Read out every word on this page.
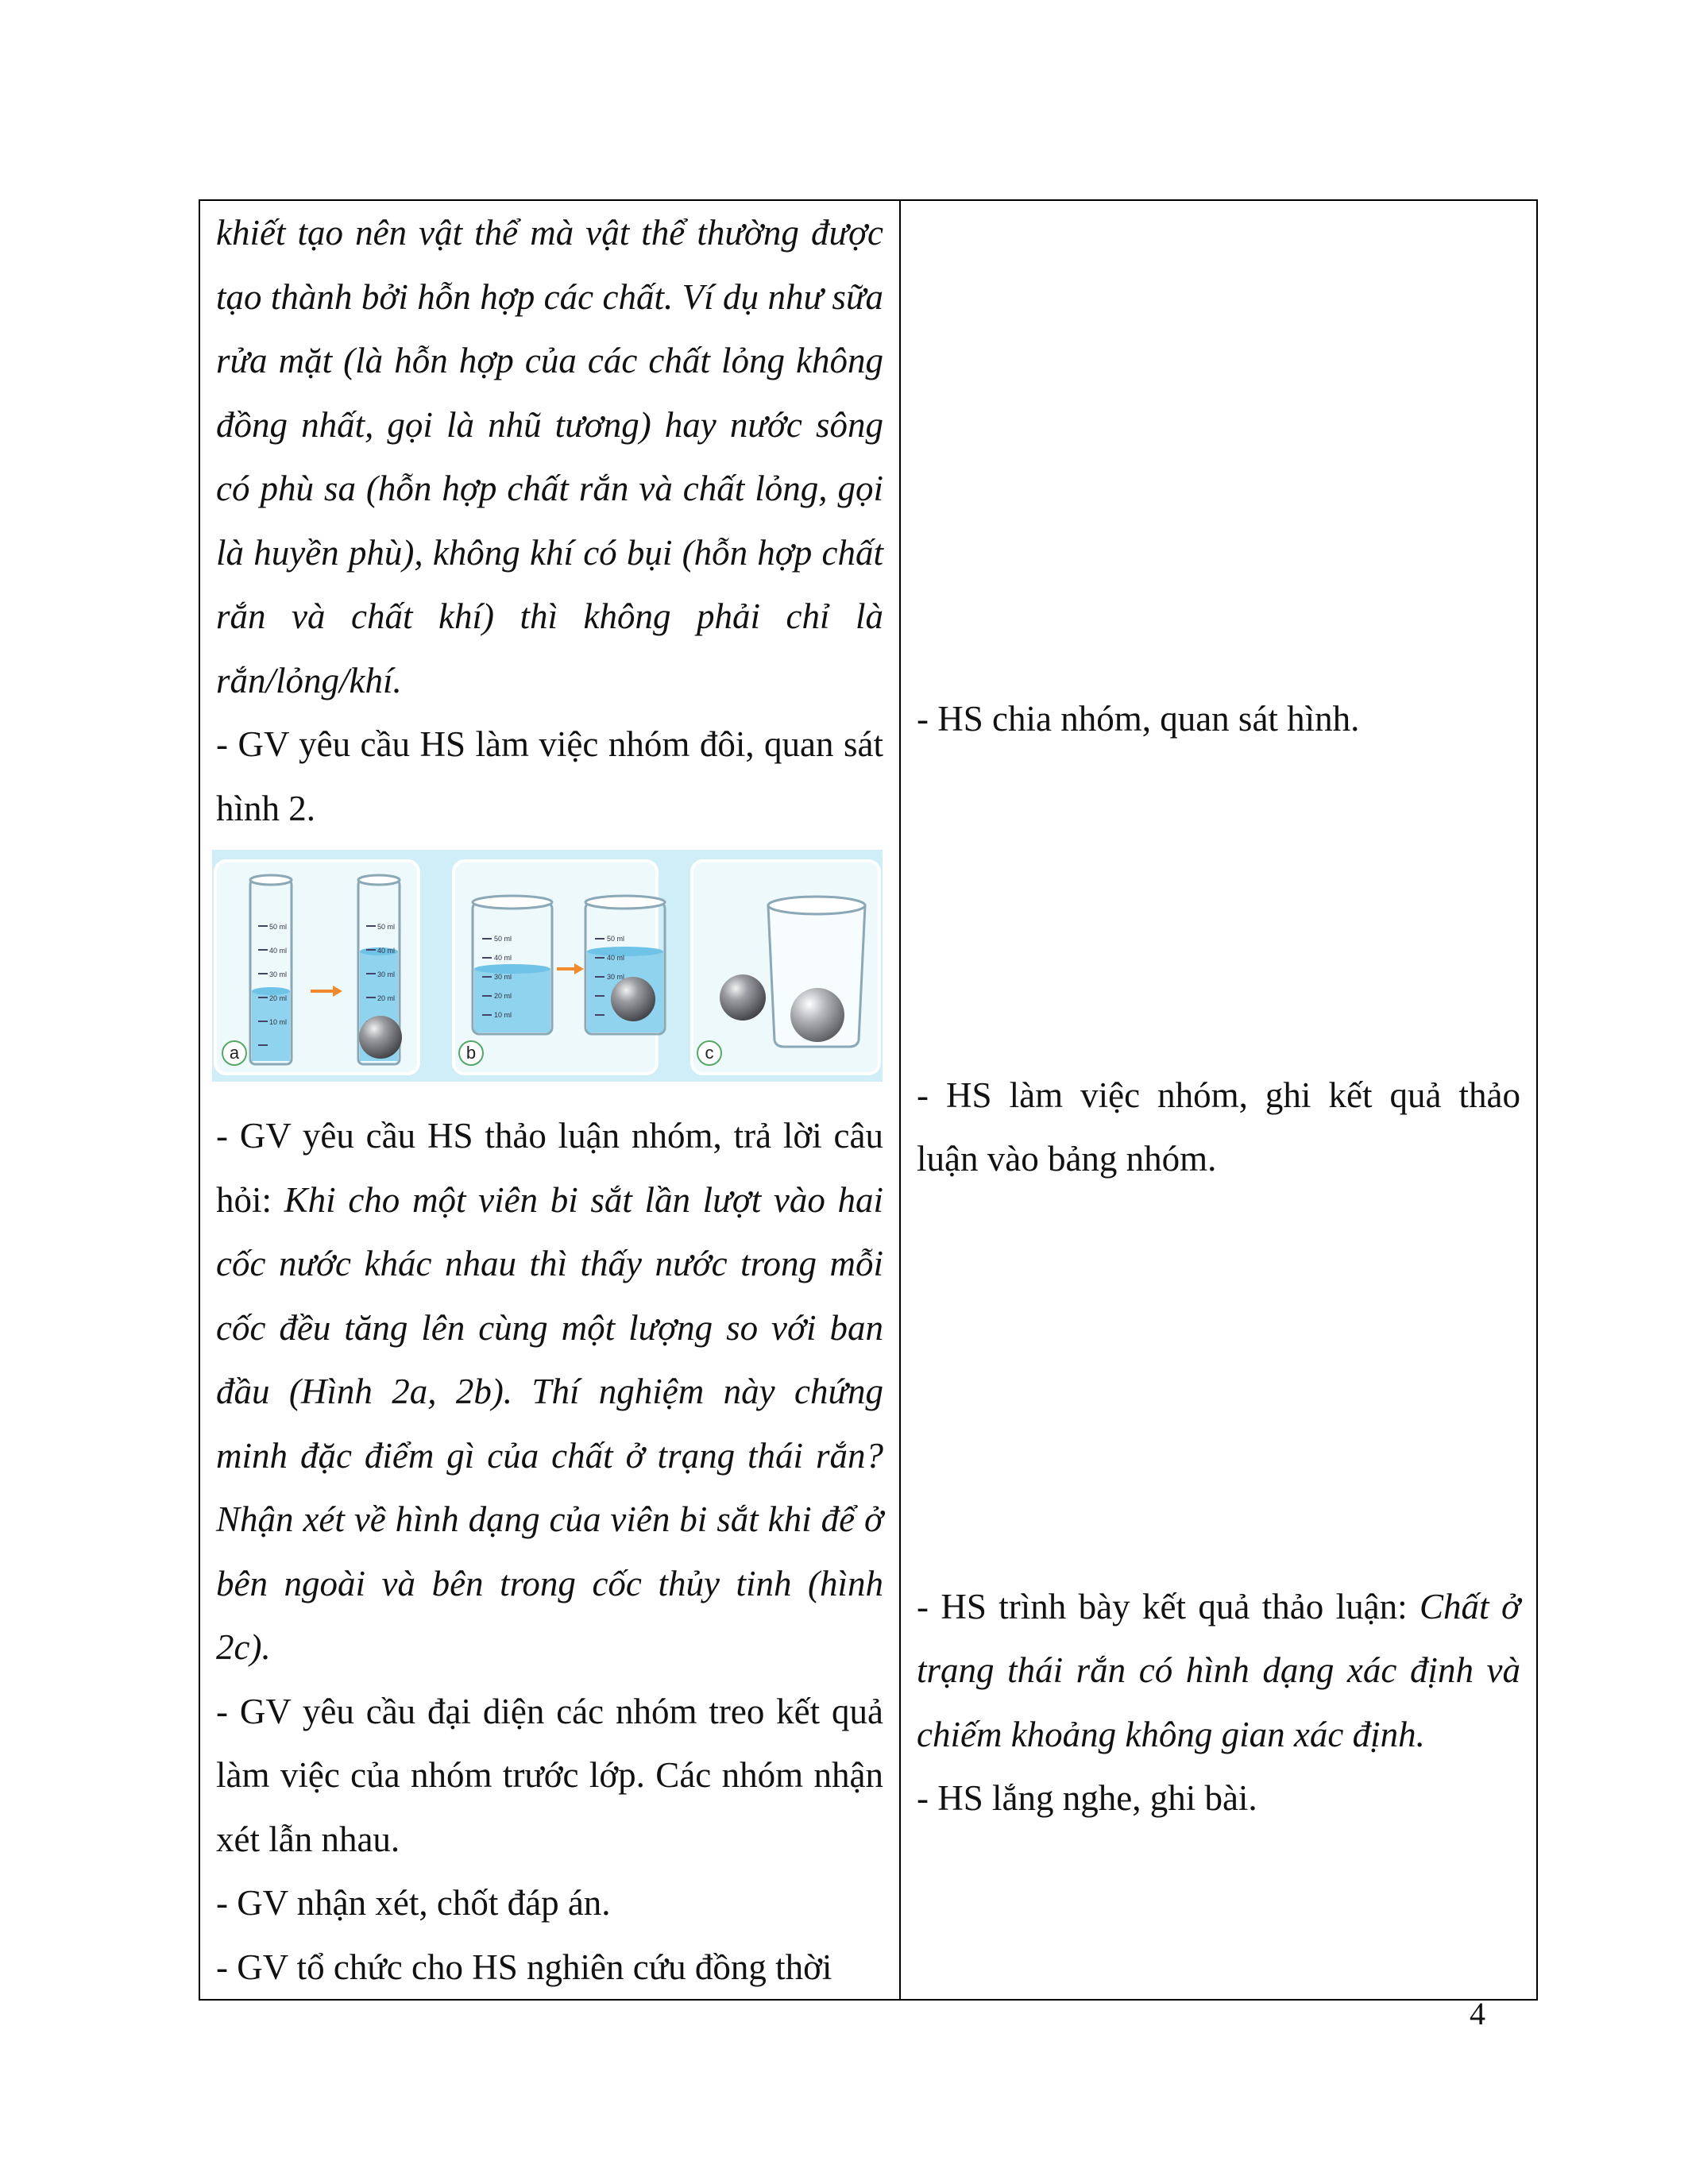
khiết tạo nên vật thể mà vật thể thường được tạo thành bởi hỗn hợp các chất. Ví dụ như sữa rửa mặt (là hỗn hợp của các chất lỏng không đồng nhất, gọi là nhũ tương) hay nước sông có phù sa (hỗn hợp chất rắn và chất lỏng, gọi là huyền phù), không khí có bụi (hỗn hợp chất rắn và chất khí) thì không phải chỉ là rắn/lỏng/khí.

- GV yêu cầu HS làm việc nhóm đôi, quan sát hình 2.

50 ml
40 ml
30 ml
20 ml
10 ml
50 ml
40 ml
30 ml
20 ml
a
50 ml
40 ml
30 ml
20 ml
10 ml
50 ml
40 ml
30 ml
b	c

- GV yêu cầu HS thảo luận nhóm, trả lời câu hỏi: Khi cho một viên bi sắt lần lượt vào hai cốc nước khác nhau thì thấy nước trong mỗi cốc đều tăng lên cùng một lượng so với ban đầu (Hình 2a, 2b). Thí nghiệm này chứng minh đặc điểm gì của chất ở trạng thái rắn? Nhận xét về hình dạng của viên bi sắt khi để ở bên ngoài và bên trong cốc thủy tinh (hình 2c).

- GV yêu cầu đại diện các nhóm treo kết quả làm việc của nhóm trước lớp. Các nhóm nhận xét lẫn nhau.

- GV nhận xét, chốt đáp án.

- GV tổ chức cho HS nghiên cứu đồng thời

- HS chia nhóm, quan sát hình.

- HS làm việc nhóm, ghi kết quả thảo luận vào bảng nhóm.

- HS trình bày kết quả thảo luận: Chất ở trạng thái rắn có hình dạng xác định và chiếm khoảng không gian xác định.

- HS lắng nghe, ghi bài.

4
